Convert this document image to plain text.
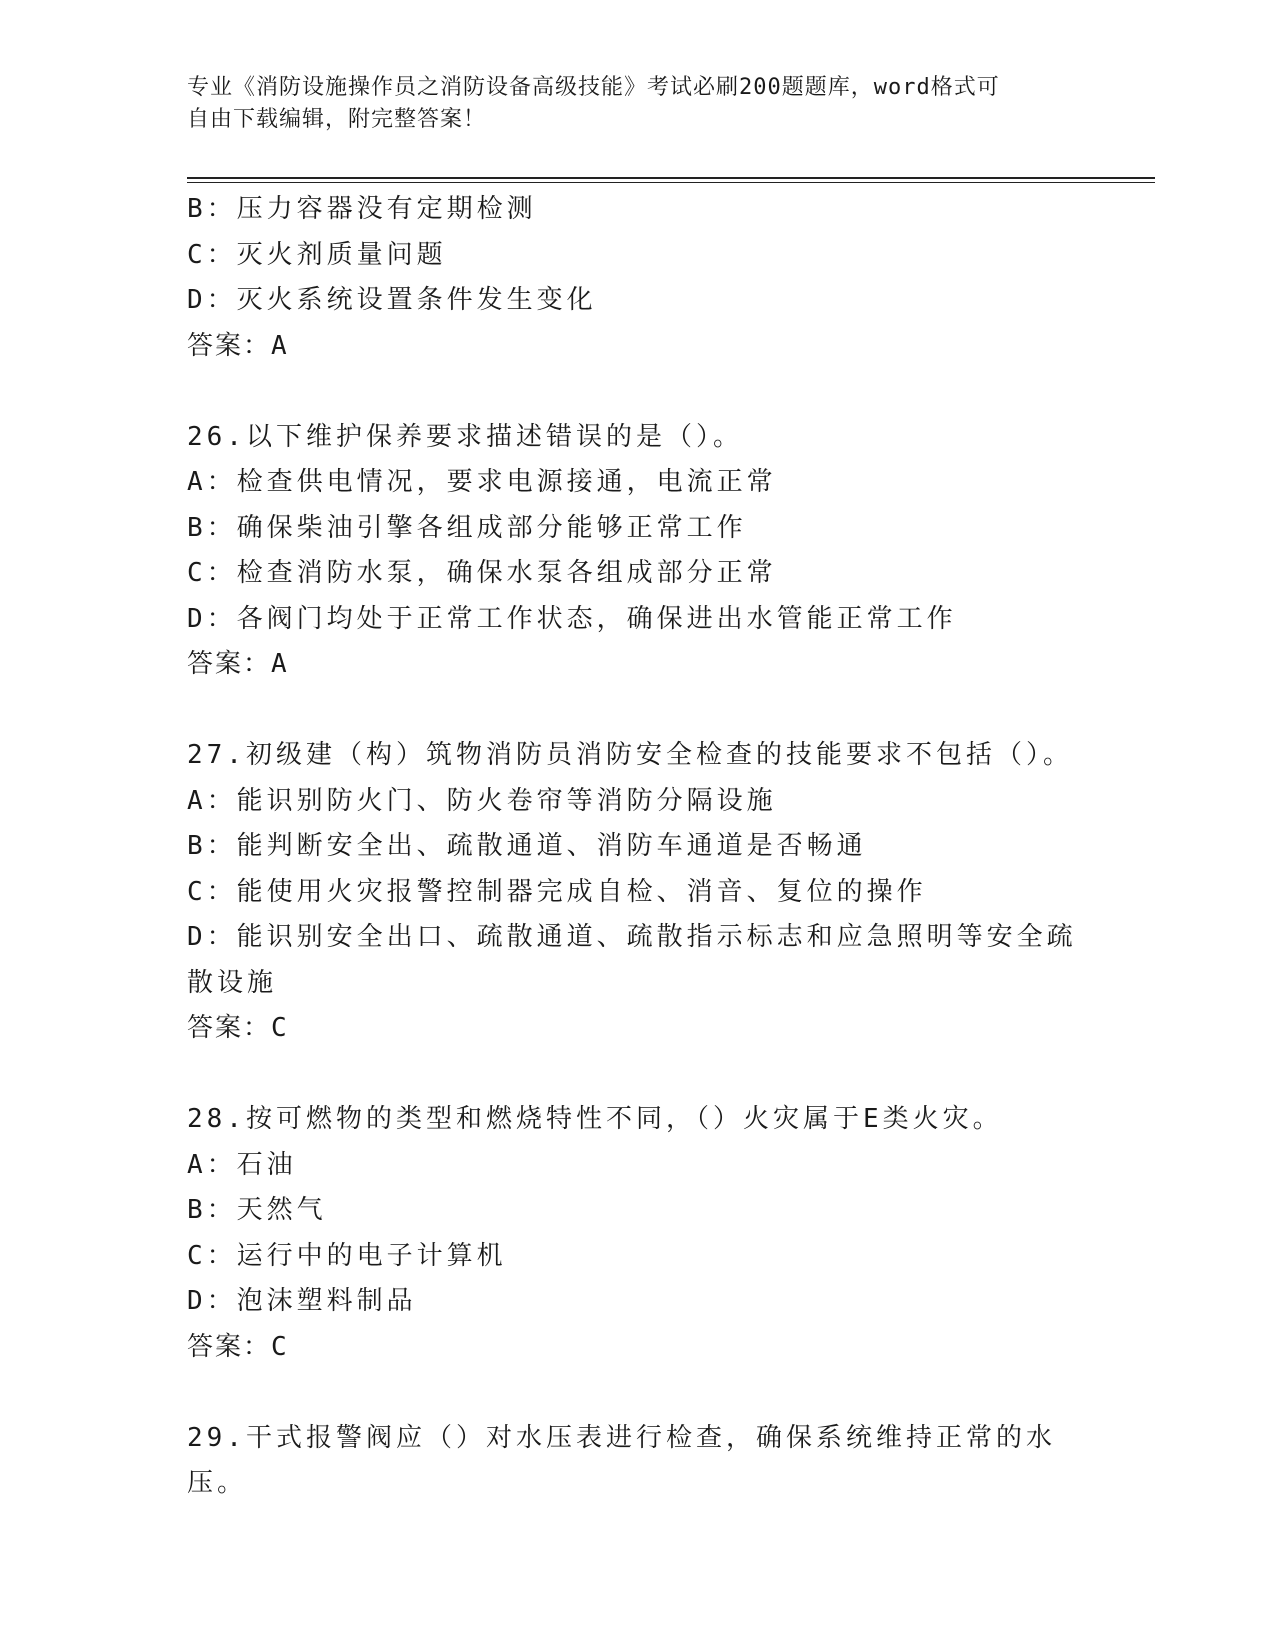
专业《消防设施操作员之消防设备高级技能》考试必刷200题题库，word格式可
自由下载编辑，附完整答案！
B：压力容器没有定期检测
C：灭火剂质量问题
D：灭火系统设置条件发生变化
答案：A
26.以下维护保养要求描述错误的是（）。
A：检查供电情况，要求电源接通，电流正常
B：确保柴油引擎各组成部分能够正常工作
C：检查消防水泵，确保水泵各组成部分正常
D：各阀门均处于正常工作状态，确保进出水管能正常工作
答案：A
27.初级建（构）筑物消防员消防安全检查的技能要求不包括（）。
A：能识别防火门、防火卷帘等消防分隔设施
B：能判断安全出、疏散通道、消防车通道是否畅通
C：能使用火灾报警控制器完成自检、消音、复位的操作
D：能识别安全出口、疏散通道、疏散指示标志和应急照明等安全疏散设施
答案：C
28.按可燃物的类型和燃烧特性不同，（）火灾属于E类火灾。
A：石油
B：天然气
C：运行中的电子计算机
D：泡沫塑料制品
答案：C
29.干式报警阀应（）对水压表进行检查，确保系统维持正常的水压。
